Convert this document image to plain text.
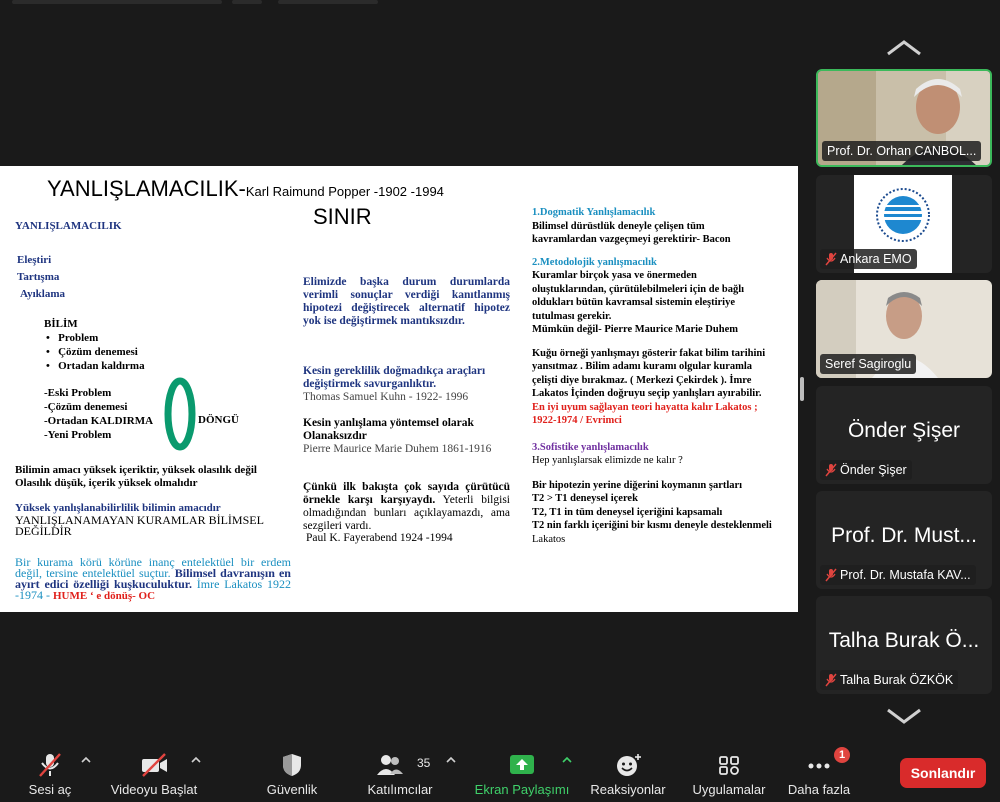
YANLIŞLAMACILIK-Karl Raimund Popper -1902 -1994
SINIR
YANLIŞLAMACILIK
Eleştiri
Tartışma
Ayıklama
BİLİM
•   Problem
•   Çözüm denemesi
•   Ortadan kaldırma
-Eski Problem
-Çözüm denemesi
-Ortadan KALDIRMA
-Yeni Problem
DÖNGÜ
Bilimin amacı yüksek içeriktir, yüksek olasılık değil Olasılık düşük, içerik yüksek olmalıdır
Yüksek yanlışlanabilirlilik bilimin amacıdır
YANLIŞLANAMAYAN KURAMLAR BİLİMSEL DEĞİLDİR
Bir kurama körü körüne inanç entelektüel bir erdem değil, tersine entelektüel suçtur. Bilimsel davranışın en ayırt edici özelliği kuşkuculuktur. İmre Lakatos 1922 -1974 - HUME ‘ e dönüş- OC
Elimizde başka durum durumlarda verimli sonuçlar verdiği kanıtlanmış hipotezi değiştirecek alternatif hipotez yok ise değiştirmek mantıksızdır.
Kesin gereklilik doğmadıkça araçları değiştirmek savurganlıktır.
Thomas Samuel Kuhn - 1922- 1996
Kesin yanlışlama yöntemsel olarak Olanaksızdır
Pierre Maurice Marie Duhem 1861-1916
Çünkü ilk bakışta çok sayıda çürütücü örnekle karşı karşıyaydı. Yeterli bilgisi olmadığından bunları açıklayamazdı, ama sezgileri vardı.
Paul K. Fayerabend 1924 -1994
1.Dogmatik Yanlışlamacılık
Bilimsel dürüstlük deneyle çelişen tüm kavramlardan vazgeçmeyi gerektirir- Bacon
2.Metodolojik yanlışmacılık
Kuramlar birçok yasa ve önermeden oluştuklarından, çürütülebilmeleri için de bağlı oldukları bütün kavramsal sistemin eleştiriye tutulması gerekir.
Mümkün değil- Pierre Maurice Marie Duhem
Kuğu örneği yanlışmayı gösterir fakat bilim tarihini yansıtmaz . Bilim adamı kuramı olgular kuramla çelişti diye bırakmaz. ( Merkezi Çekirdek ). İmre Lakatos İçinden doğruyu seçip yanlışları ayırabilir.
En iyi uyum sağlayan teori hayatta kalır Lakatos ; 1922-1974 / Evrimci
3.Sofistike yanlışlamacılık
Hep yanlışlarsak elimizde ne kalır ?
Bir hipotezin yerine diğerini koymanın şartları
T2 > T1 deneysel içerek
T2, T1 in tüm deneysel içeriğini kapsamalı
T2 nin farklı içeriğini bir kısmı deneyle desteklenmeli Lakatos
Prof. Dr. Orhan CANBOL...
Ankara EMO
Seref Sagiroglu
Önder Şişer
Önder Şişer
Prof. Dr. Must...
Prof. Dr. Mustafa KAV...
Talha Burak Ö...
Talha Burak ÖZKÖK
Sesi aç	Videoyu Başlat	Güvenlik
35
Katılımcılar	Ekran Paylaşımı	Reaksiyonlar	Uygulamalar
1
Daha fazla
Sonlandır
